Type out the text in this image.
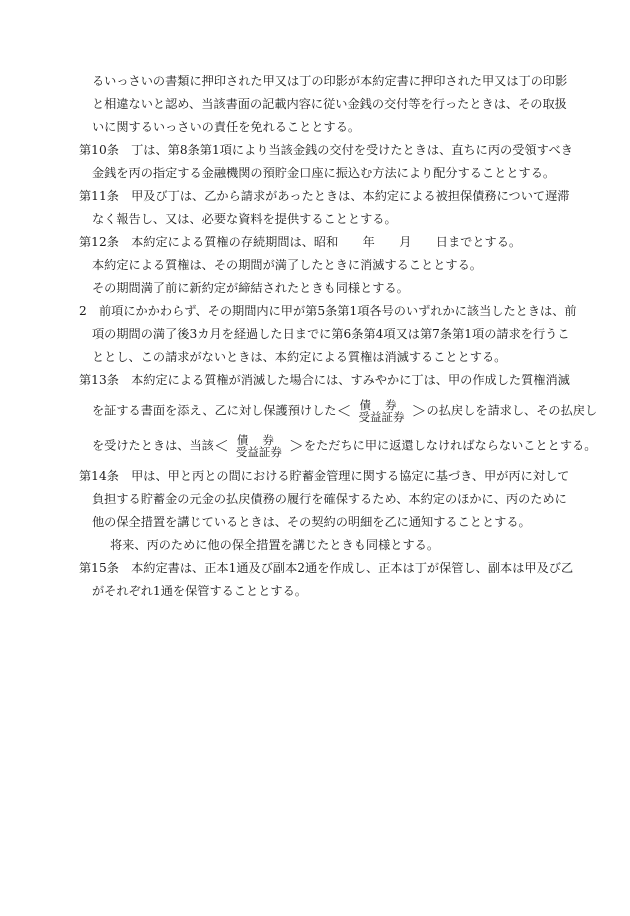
るいっさいの書類に押印された甲又は丁の印影が本約定書に押印された甲又は丁の印影
と相違ないと認め、当該書面の記載内容に従い金銭の交付等を行ったときは、その取扱
いに関するいっさいの責任を免れることとする。
第10条　丁は、第8条第1項により当該金銭の交付を受けたときは、直ちに丙の受領すべき
金銭を丙の指定する金融機関の預貯金口座に振込む方法により配分することとする。
第11条　甲及び丁は、乙から請求があったときは、本約定による被担保債務について遅滞
なく報告し、又は、必要な資料を提供することとする。
第12条　本約定による質権の存続期間は、昭和　　年　　月　　日までとする。
本約定による質権は、その期間が満了したときに消滅することとする。
その期間満了前に新約定が締結されたときも同様とする。
2　前項にかかわらず、その期間内に甲が第5条第1項各号のいずれかに該当したときは、前
項の期間の満了後3カ月を経過した日までに第6条第4項又は第7条第1項の請求を行うこ
ととし、この請求がないときは、本約定による質権は消滅することとする。
第13条　本約定による質権が消滅した場合には、すみやかに丁は、甲の作成した質権消滅
を証する書面を添え、乙に対し保護預けした＜ 債券
受益証券 ＞の払戻しを請求し、その払戻し
を受けたときは、当該＜ 債券
受益証券 ＞をただちに甲に返還しなければならないこととする。
第14条　甲は、甲と丙との間における貯蓄金管理に関する協定に基づき、甲が丙に対して
負担する貯蓄金の元金の払戻債務の履行を確保するため、本約定のほかに、丙のために
他の保全措置を講じているときは、その契約の明細を乙に通知することとする。
将来、丙のために他の保全措置を講じたときも同様とする。
第15条　本約定書は、正本1通及び副本2通を作成し、正本は丁が保管し、副本は甲及び乙
がそれぞれ1通を保管することとする。
